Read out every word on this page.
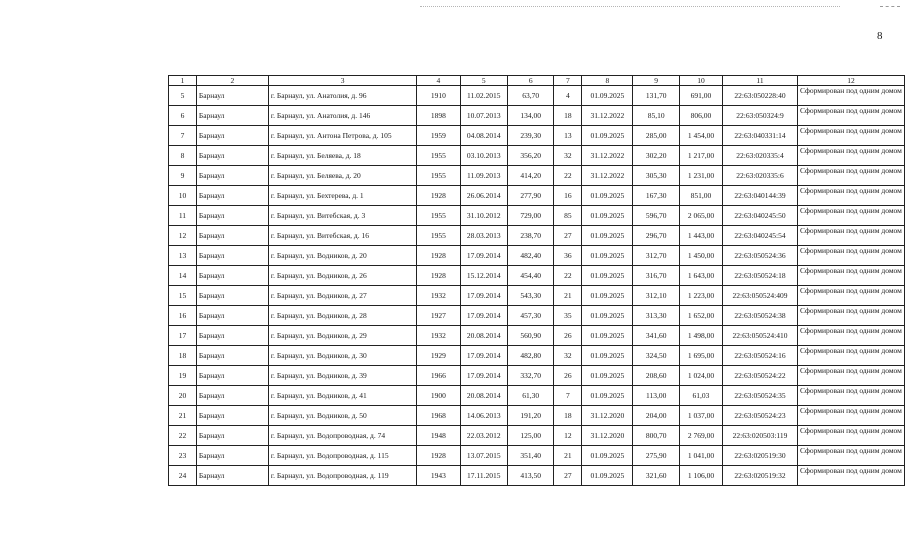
8
1	2	3	4	5	6	7	8	9	10	11	12
5	Барнаул	г. Барнаул, ул. Анатолия, д. 96	1910	11.02.2015	63,70	4	01.09.2025	131,70	691,00	22:63:050228:40	Сформирован под одним домом
6	Барнаул	г. Барнаул, ул. Анатолия, д. 146	1898	10.07.2013	134,00	18	31.12.2022	85,10	806,00	22:63:050324:9	Сформирован под одним домом
7	Барнаул	г. Барнаул, ул. Антона Петрова, д. 105	1959	04.08.2014	239,30	13	01.09.2025	285,00	1 454,00	22:63:040331:14	Сформирован под одним домом
8	Барнаул	г. Барнаул, ул. Беляева, д. 18	1955	03.10.2013	356,20	32	31.12.2022	302,20	1 217,00	22:63:020335:4	Сформирован под одним домом
9	Барнаул	г. Барнаул, ул. Беляева, д. 20	1955	11.09.2013	414,20	22	31.12.2022	305,30	1 231,00	22:63:020335:6	Сформирован под одним домом
10	Барнаул	г. Барнаул, ул. Бехтерева, д. 1	1928	26.06.2014	277,90	16	01.09.2025	167,30	851,00	22:63:040144:39	Сформирован под одним домом
11	Барнаул	г. Барнаул, ул. Витебская, д. 3	1955	31.10.2012	729,00	85	01.09.2025	596,70	2 065,00	22:63:040245:50	Сформирован под одним домом
12	Барнаул	г. Барнаул, ул. Витебская, д. 16	1955	28.03.2013	238,70	27	01.09.2025	296,70	1 443,00	22:63:040245:54	Сформирован под одним домом
13	Барнаул	г. Барнаул, ул. Водников, д. 20	1928	17.09.2014	482,40	36	01.09.2025	312,70	1 450,00	22:63:050524:36	Сформирован под одним домом
14	Барнаул	г. Барнаул, ул. Водников, д. 26	1928	15.12.2014	454,40	22	01.09.2025	316,70	1 643,00	22:63:050524:18	Сформирован под одним домом
15	Барнаул	г. Барнаул, ул. Водников, д. 27	1932	17.09.2014	543,30	21	01.09.2025	312,10	1 223,00	22:63:050524:409	Сформирован под одним домом
16	Барнаул	г. Барнаул, ул. Водников, д. 28	1927	17.09.2014	457,30	35	01.09.2025	313,30	1 652,00	22:63:050524:38	Сформирован под одним домом
17	Барнаул	г. Барнаул, ул. Водников, д. 29	1932	20.08.2014	560,90	26	01.09.2025	341,60	1 498,00	22:63:050524:410	Сформирован под одним домом
18	Барнаул	г. Барнаул, ул. Водников, д. 30	1929	17.09.2014	482,80	32	01.09.2025	324,50	1 695,00	22:63:050524:16	Сформирован под одним домом
19	Барнаул	г. Барнаул, ул. Водников, д. 39	1966	17.09.2014	332,70	26	01.09.2025	208,60	1 024,00	22:63:050524:22	Сформирован под одним домом
20	Барнаул	г. Барнаул, ул. Водников, д. 41	1900	20.08.2014	61,30	7	01.09.2025	113,00	61,03	22:63:050524:35	Сформирован под одним домом
21	Барнаул	г. Барнаул, ул. Водников, д. 50	1968	14.06.2013	191,20	18	31.12.2020	204,00	1 037,00	22:63:050524:23	Сформирован под одним домом
22	Барнаул	г. Барнаул, ул. Водопроводная, д. 74	1948	22.03.2012	125,00	12	31.12.2020	800,70	2 769,00	22:63:020503:119	Сформирован под одним домом
23	Барнаул	г. Барнаул, ул. Водопроводная, д. 115	1928	13.07.2015	351,40	21	01.09.2025	275,90	1 041,00	22:63:020519:30	Сформирован под одним домом
24	Барнаул	г. Барнаул, ул. Водопроводная, д. 119	1943	17.11.2015	413,50	27	01.09.2025	321,60	1 106,00	22:63:020519:32	Сформирован под одним домом
